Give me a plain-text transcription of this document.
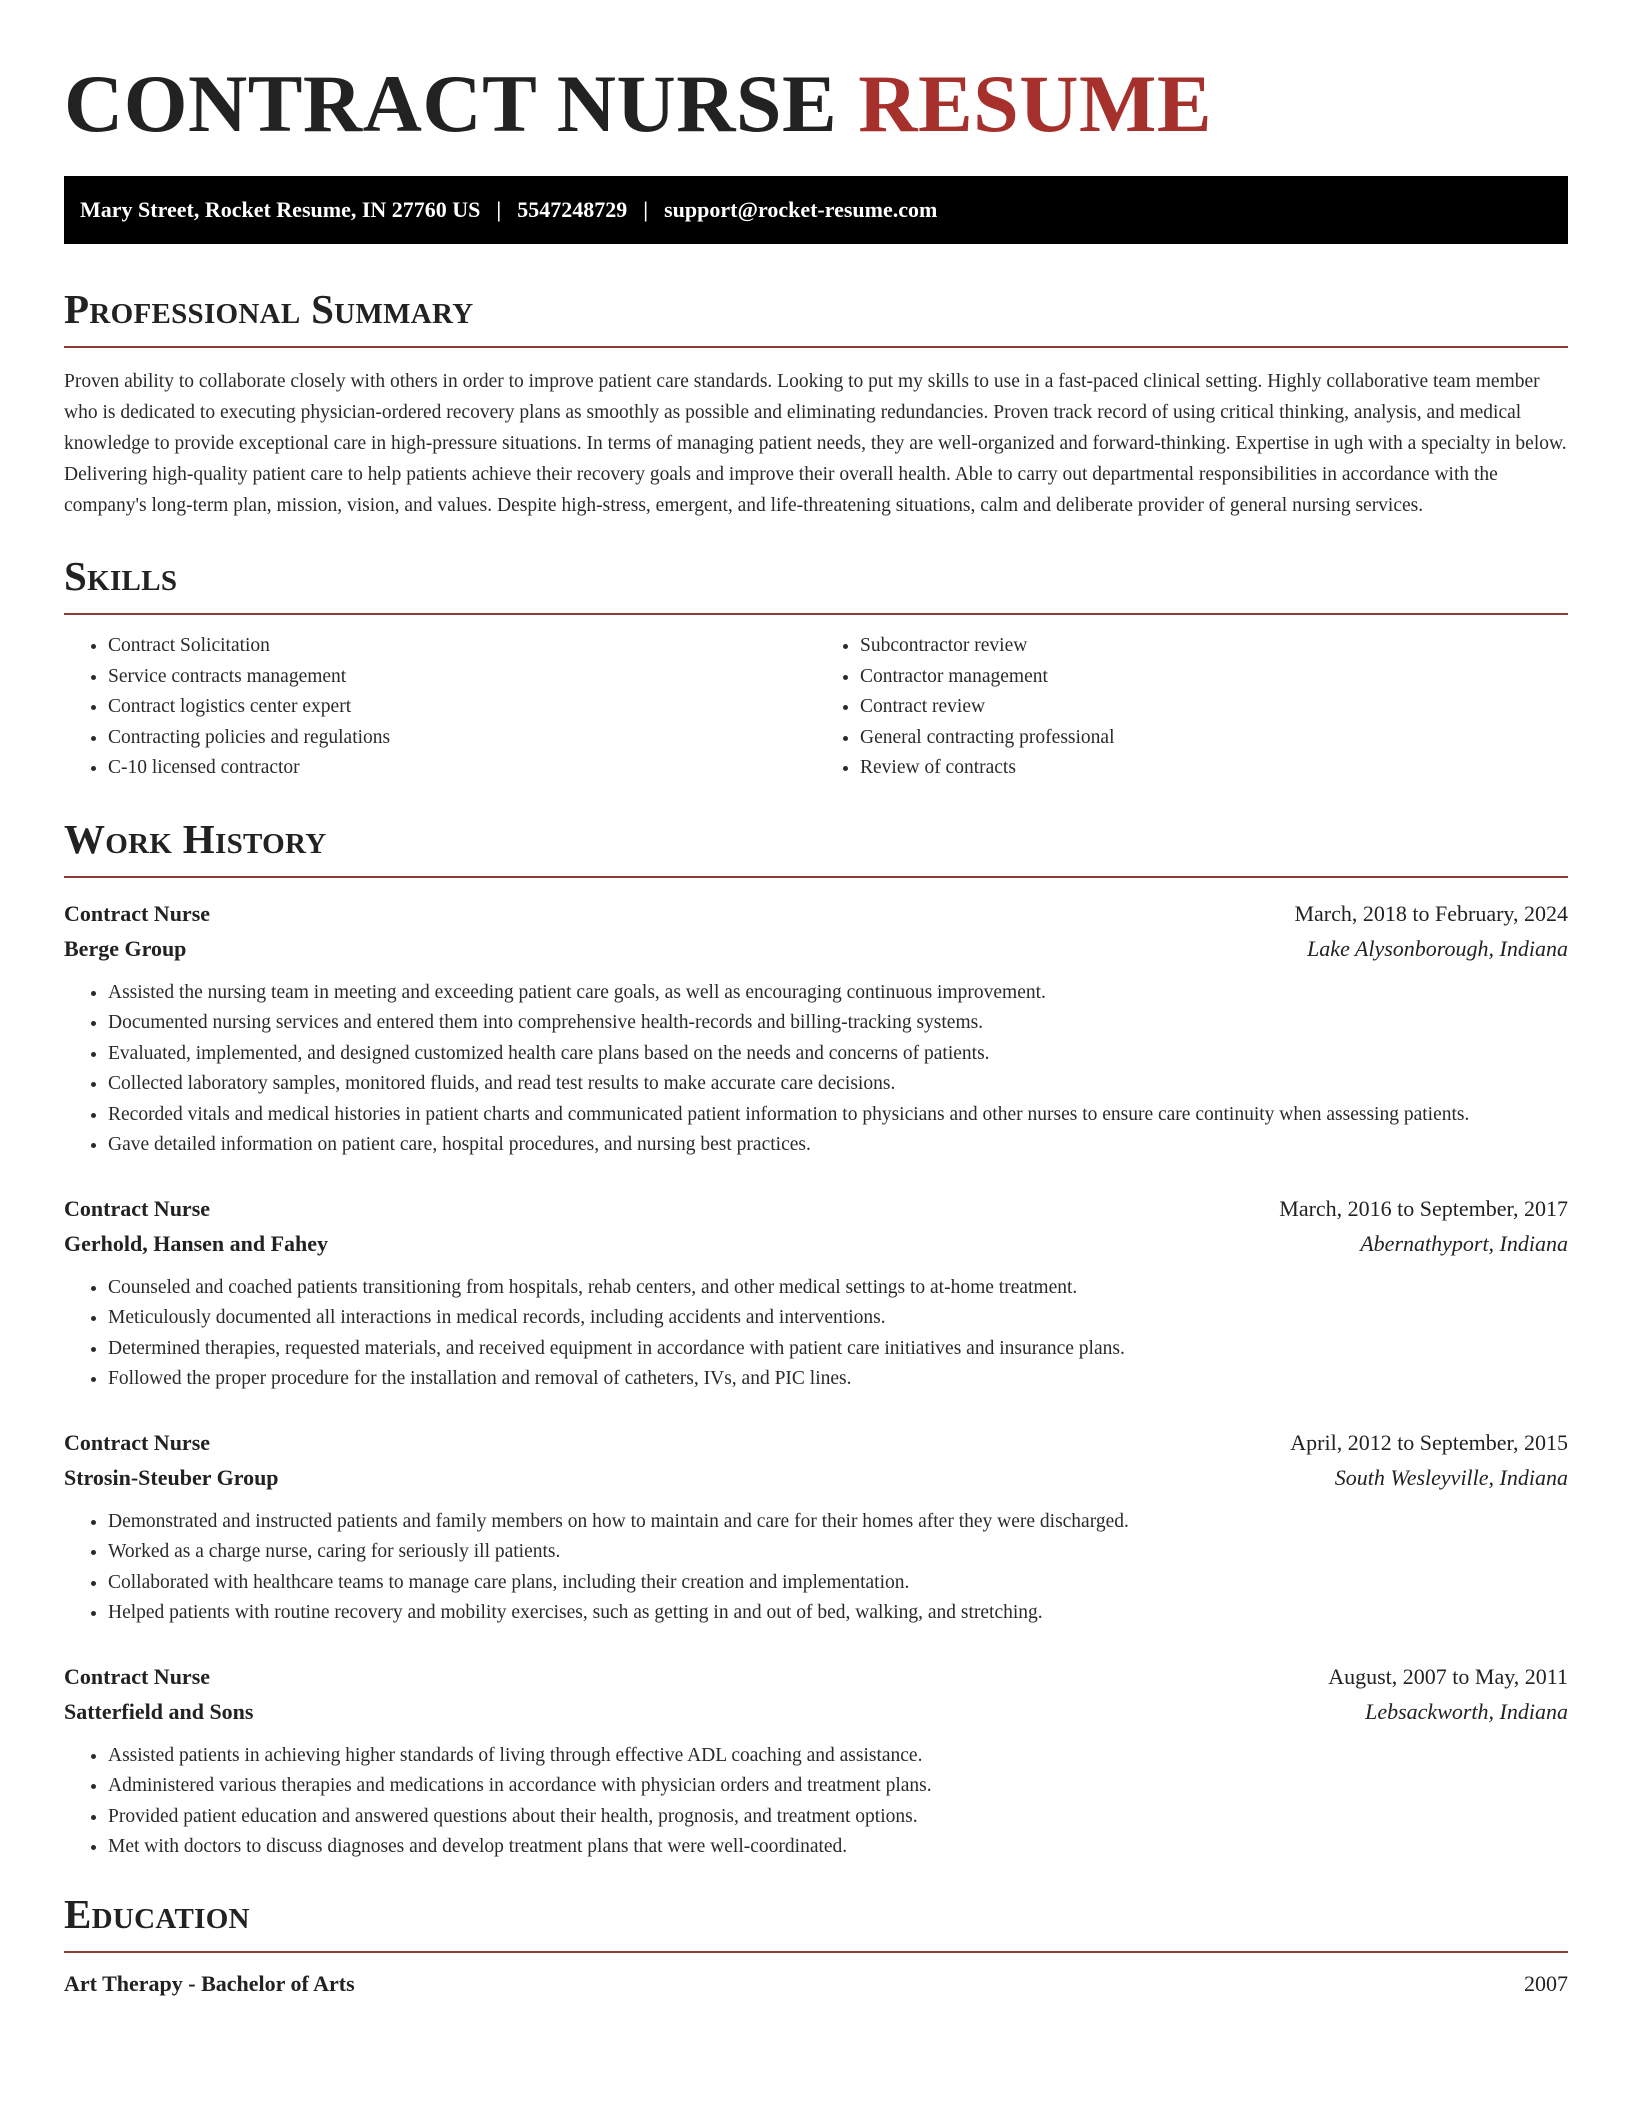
CONTRACT NURSE RESUME
Mary Street, Rocket Resume, IN 27760 US | 5547248729 | support@rocket-resume.com
Professional Summary

Proven ability to collaborate closely with others in order to improve patient care standards. Looking to put my skills to use in a fast-paced clinical setting. Highly collaborative team member who is dedicated to executing physician-ordered recovery plans as smoothly as possible and eliminating redundancies. Proven track record of using critical thinking, analysis, and medical knowledge to provide exceptional care in high-pressure situations. In terms of managing patient needs, they are well-organized and forward-thinking. Expertise in ugh with a specialty in below. Delivering high-quality patient care to help patients achieve their recovery goals and improve their overall health. Able to carry out departmental responsibilities in accordance with the company's long-term plan, mission, vision, and values. Despite high-stress, emergent, and life-threatening situations, calm and deliberate provider of general nursing services.

Skills
• Contract Solicitation
• Service contracts management
• Contract logistics center expert
• Contracting policies and regulations
• C-10 licensed contractor
• Subcontractor review
• Contractor management
• Contract review
• General contracting professional
• Review of contracts
Work History
Contract Nurse	March, 2018 to February, 2024
Berge Group	Lake Alysonborough, Indiana
• Assisted the nursing team in meeting and exceeding patient care goals, as well as encouraging continuous improvement.
• Documented nursing services and entered them into comprehensive health-records and billing-tracking systems.
• Evaluated, implemented, and designed customized health care plans based on the needs and concerns of patients.
• Collected laboratory samples, monitored fluids, and read test results to make accurate care decisions.
• Recorded vitals and medical histories in patient charts and communicated patient information to physicians and other nurses to ensure care continuity when assessing patients.
• Gave detailed information on patient care, hospital procedures, and nursing best practices.
Contract Nurse	March, 2016 to September, 2017
Gerhold, Hansen and Fahey	Abernathyport, Indiana
• Counseled and coached patients transitioning from hospitals, rehab centers, and other medical settings to at-home treatment.
• Meticulously documented all interactions in medical records, including accidents and interventions.
• Determined therapies, requested materials, and received equipment in accordance with patient care initiatives and insurance plans.
• Followed the proper procedure for the installation and removal of catheters, IVs, and PIC lines.
Contract Nurse	April, 2012 to September, 2015
Strosin-Steuber Group	South Wesleyville, Indiana
• Demonstrated and instructed patients and family members on how to maintain and care for their homes after they were discharged.
• Worked as a charge nurse, caring for seriously ill patients.
• Collaborated with healthcare teams to manage care plans, including their creation and implementation.
• Helped patients with routine recovery and mobility exercises, such as getting in and out of bed, walking, and stretching.
Contract Nurse	August, 2007 to May, 2011
Satterfield and Sons	Lebsackworth, Indiana
• Assisted patients in achieving higher standards of living through effective ADL coaching and assistance.
• Administered various therapies and medications in accordance with physician orders and treatment plans.
• Provided patient education and answered questions about their health, prognosis, and treatment options.
• Met with doctors to discuss diagnoses and develop treatment plans that were well-coordinated.
Education
Art Therapy - Bachelor of Arts	2007
